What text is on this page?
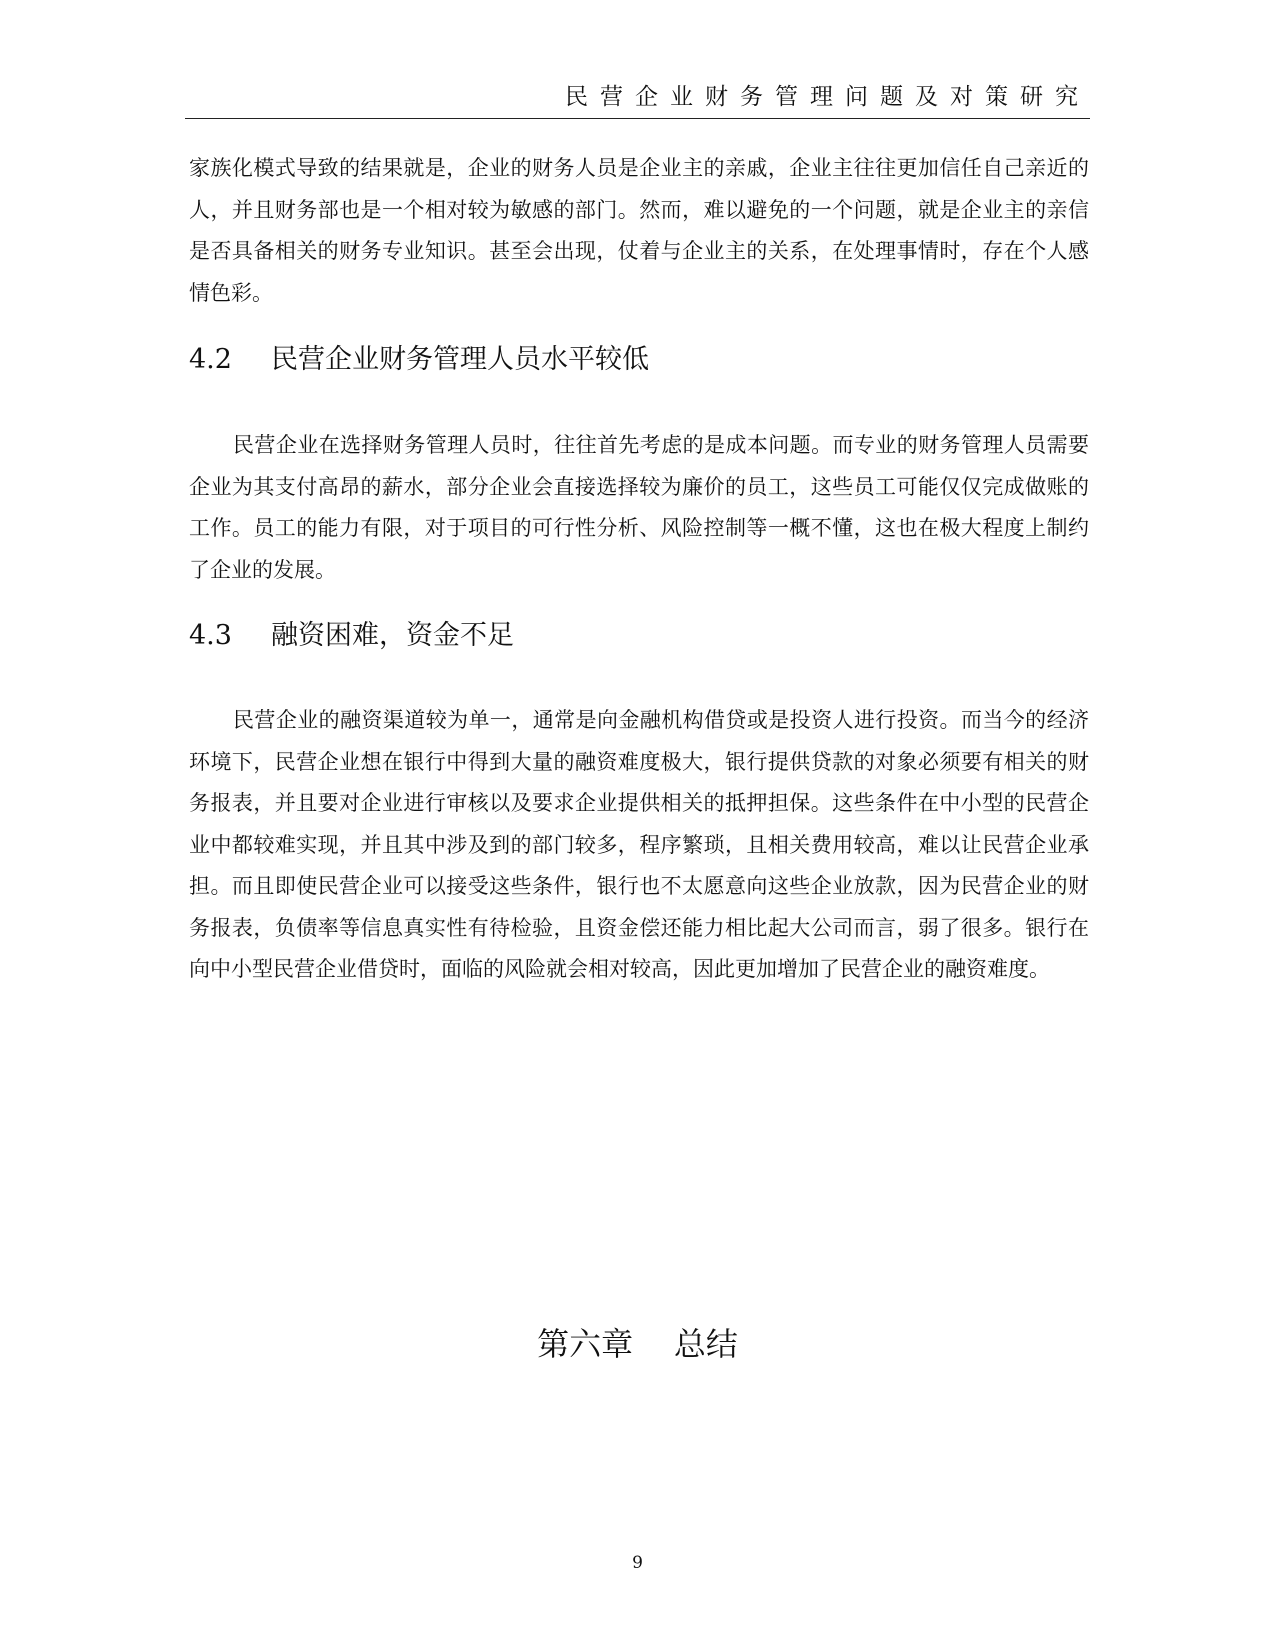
民营企业财务管理问题及对策研究

家族化模式导致的结果就是，企业的财务人员是企业主的亲戚，企业主往往更加信任自己亲近的人，并且财务部也是一个相对较为敏感的部门。然而，难以避免的一个问题，就是企业主的亲信是否具备相关的财务专业知识。甚至会出现，仗着与企业主的关系，在处理事情时，存在个人感情色彩。

4.2 民营企业财务管理人员水平较低

民营企业在选择财务管理人员时，往往首先考虑的是成本问题。而专业的财务管理人员需要企业为其支付高昂的薪水，部分企业会直接选择较为廉价的员工，这些员工可能仅仅完成做账的工作。员工的能力有限，对于项目的可行性分析、风险控制等一概不懂，这也在极大程度上制约了企业的发展。

4.3 融资困难，资金不足

民营企业的融资渠道较为单一，通常是向金融机构借贷或是投资人进行投资。而当今的经济环境下，民营企业想在银行中得到大量的融资难度极大，银行提供贷款的对象必须要有相关的财务报表，并且要对企业进行审核以及要求企业提供相关的抵押担保。这些条件在中小型的民营企业中都较难实现，并且其中涉及到的部门较多，程序繁琐，且相关费用较高，难以让民营企业承担。而且即使民营企业可以接受这些条件，银行也不太愿意向这些企业放款，因为民营企业的财务报表，负债率等信息真实性有待检验，且资金偿还能力相比起大公司而言，弱了很多。银行在向中小型民营企业借贷时，面临的风险就会相对较高，因此更加增加了民营企业的融资难度。

第六章    总结
9
